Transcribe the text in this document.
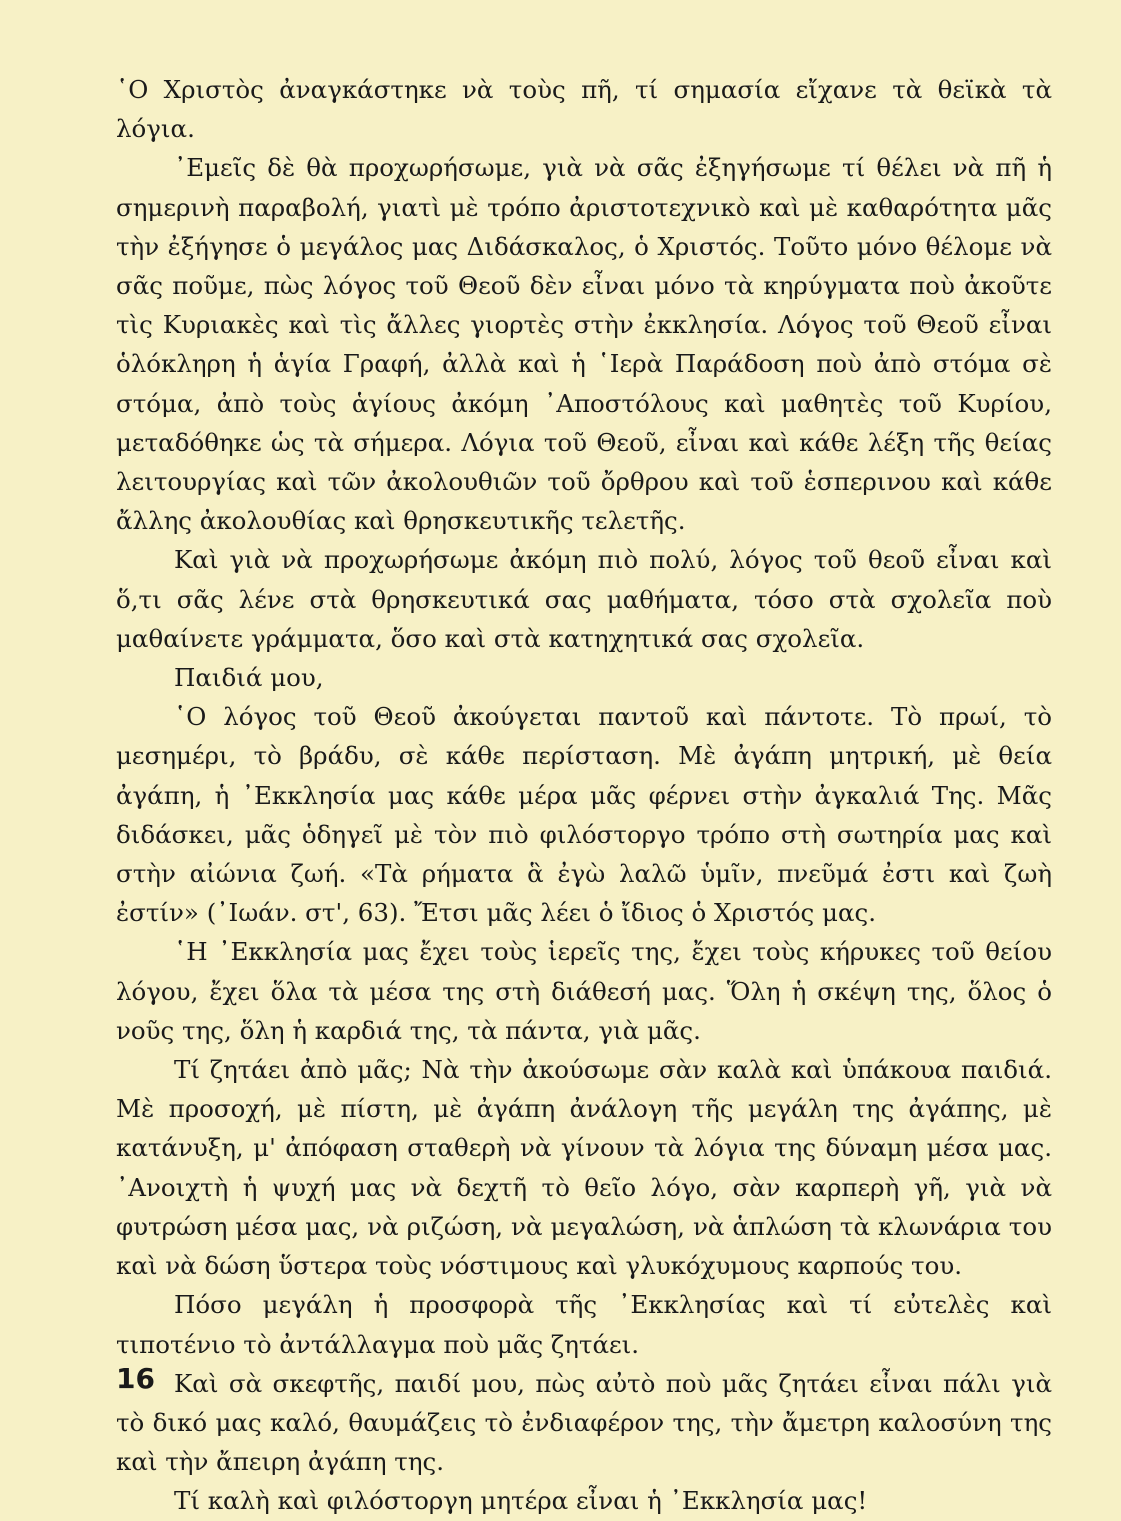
῾Ο Χριστὸς ἀναγκάστηκε νὰ τοὺς πῆ, τί σημασία εἴχανε τὰ θεϊκὰ τὰ λόγια.

᾿Εμεῖς δὲ θὰ προχωρήσωμε, γιὰ νὰ σᾶς ἐξηγήσωμε τί θέλει νὰ πῆ ἡ σημερινὴ παραβολή, γιατὶ μὲ τρόπο ἀριστοτεχνικὸ καὶ μὲ καθαρότητα μᾶς τὴν ἐξήγησε ὁ μεγάλος μας Διδάσκαλος, ὁ Χριστός. Τοῦτο μόνο θέλομε νὰ σᾶς ποῦμε, πὼς λόγος τοῦ Θεοῦ δὲν εἶναι μόνο τὰ κηρύγματα ποὺ ἀκοῦτε τὶς Κυριακὲς καὶ τὶς ἄλλες γιορτὲς στὴν ἐκκλησία. Λόγος τοῦ Θεοῦ εἶναι ὁλόκληρη ἡ ἁγία Γραφή, ἀλλὰ καὶ ἡ ῾Ιερὰ Παράδοση ποὺ ἀπὸ στόμα σὲ στόμα, ἀπὸ τοὺς ἁγίους ἀκόμη ᾿Αποστόλους καὶ μαθητὲς τοῦ Κυρίου, μεταδόθηκε ὡς τὰ σήμερα. Λόγια τοῦ Θεοῦ, εἶναι καὶ κάθε λέξη τῆς θείας λειτουργίας καὶ τῶν ἀκολουθιῶν τοῦ ὄρθρου καὶ τοῦ ἑσπερινου καὶ κάθε ἄλλης ἀκολουθίας καὶ θρησκευτικῆς τελετῆς.

Καὶ γιὰ νὰ προχωρήσωμε ἀκόμη πιὸ πολύ, λόγος τοῦ θεοῦ εἶναι καὶ ὅ,τι σᾶς λένε στὰ θρησκευτικά σας μαθήματα, τόσο στὰ σχολεῖα ποὺ μαθαίνετε γράμματα, ὅσο καὶ στὰ κατηχητικά σας σχολεῖα.

Παιδιά μου,

῾Ο λόγος τοῦ Θεοῦ ἀκούγεται παντοῦ καὶ πάντοτε. Τὸ πρωί, τὸ μεσημέρι, τὸ βράδυ, σὲ κάθε περίσταση. Μὲ ἀγάπη μητρική, μὲ θεία ἀγάπη, ἡ ᾿Εκκλησία μας κάθε μέρα μᾶς φέρνει στὴν ἀγκαλιά Της. Μᾶς διδάσκει, μᾶς ὁδηγεῖ μὲ τὸν πιὸ φιλόστοργο τρόπο στὴ σωτηρία μας καὶ στὴν αἰώνια ζωή. «Τὰ ρήματα ἃ ἐγὼ λαλῶ ὑμῖν, πνεῦμά ἐστι καὶ ζωὴ ἐστίν» (᾿Ιωάν. στ', 63). Ἔτσι μᾶς λέει ὁ ἴδιος ὁ Χριστός μας.

῾Η ᾿Εκκλησία μας ἔχει τοὺς ἱερεῖς της, ἔχει τοὺς κήρυκες τοῦ θείου λόγου, ἔχει ὅλα τὰ μέσα της στὴ διάθεσή μας. Ὅλη ἡ σκέψη της, ὅλος ὁ νοῦς της, ὅλη ἡ καρδιά της, τὰ πάντα, γιὰ μᾶς.

Τί ζητάει ἀπὸ μᾶς; Νὰ τὴν ἀκούσωμε σὰν καλὰ καὶ ὑπάκουα παιδιά. Μὲ προσοχή, μὲ πίστη, μὲ ἀγάπη ἀνάλογη τῆς μεγάλη της ἀγάπης, μὲ κατάνυξη, μ' ἀπόφαση σταθερὴ νὰ γίνουν τὰ λόγια της δύναμη μέσα μας. ᾿Ανοιχτὴ ἡ ψυχή μας νὰ δεχτῆ τὸ θεῖο λόγο, σὰν καρπερὴ γῆ, γιὰ νὰ φυτρώση μέσα μας, νὰ ριζώση, νὰ μεγαλώση, νὰ ἁπλώση τὰ κλωνάρια του καὶ νὰ δώση ὕστερα τοὺς νόστιμους καὶ γλυκόχυμους καρπούς του.

Πόσο μεγάλη ἡ προσφορὰ τῆς ᾿Εκκλησίας καὶ τί εὐτελὲς καὶ τιποτένιο τὸ ἀντάλλαγμα ποὺ μᾶς ζητάει.

Καὶ σὰ σκεφτῆς, παιδί μου, πὼς αὐτὸ ποὺ μᾶς ζητάει εἶναι πάλι γιὰ τὸ δικό μας καλό, θαυμάζεις τὸ ἐνδιαφέρον της, τὴν ἄμετρη καλοσύνη της καὶ τὴν ἄπειρη ἀγάπη της.

Τί καλὴ καὶ φιλόστοργη μητέρα εἶναι ἡ ᾿Εκκλησία μας!

16
